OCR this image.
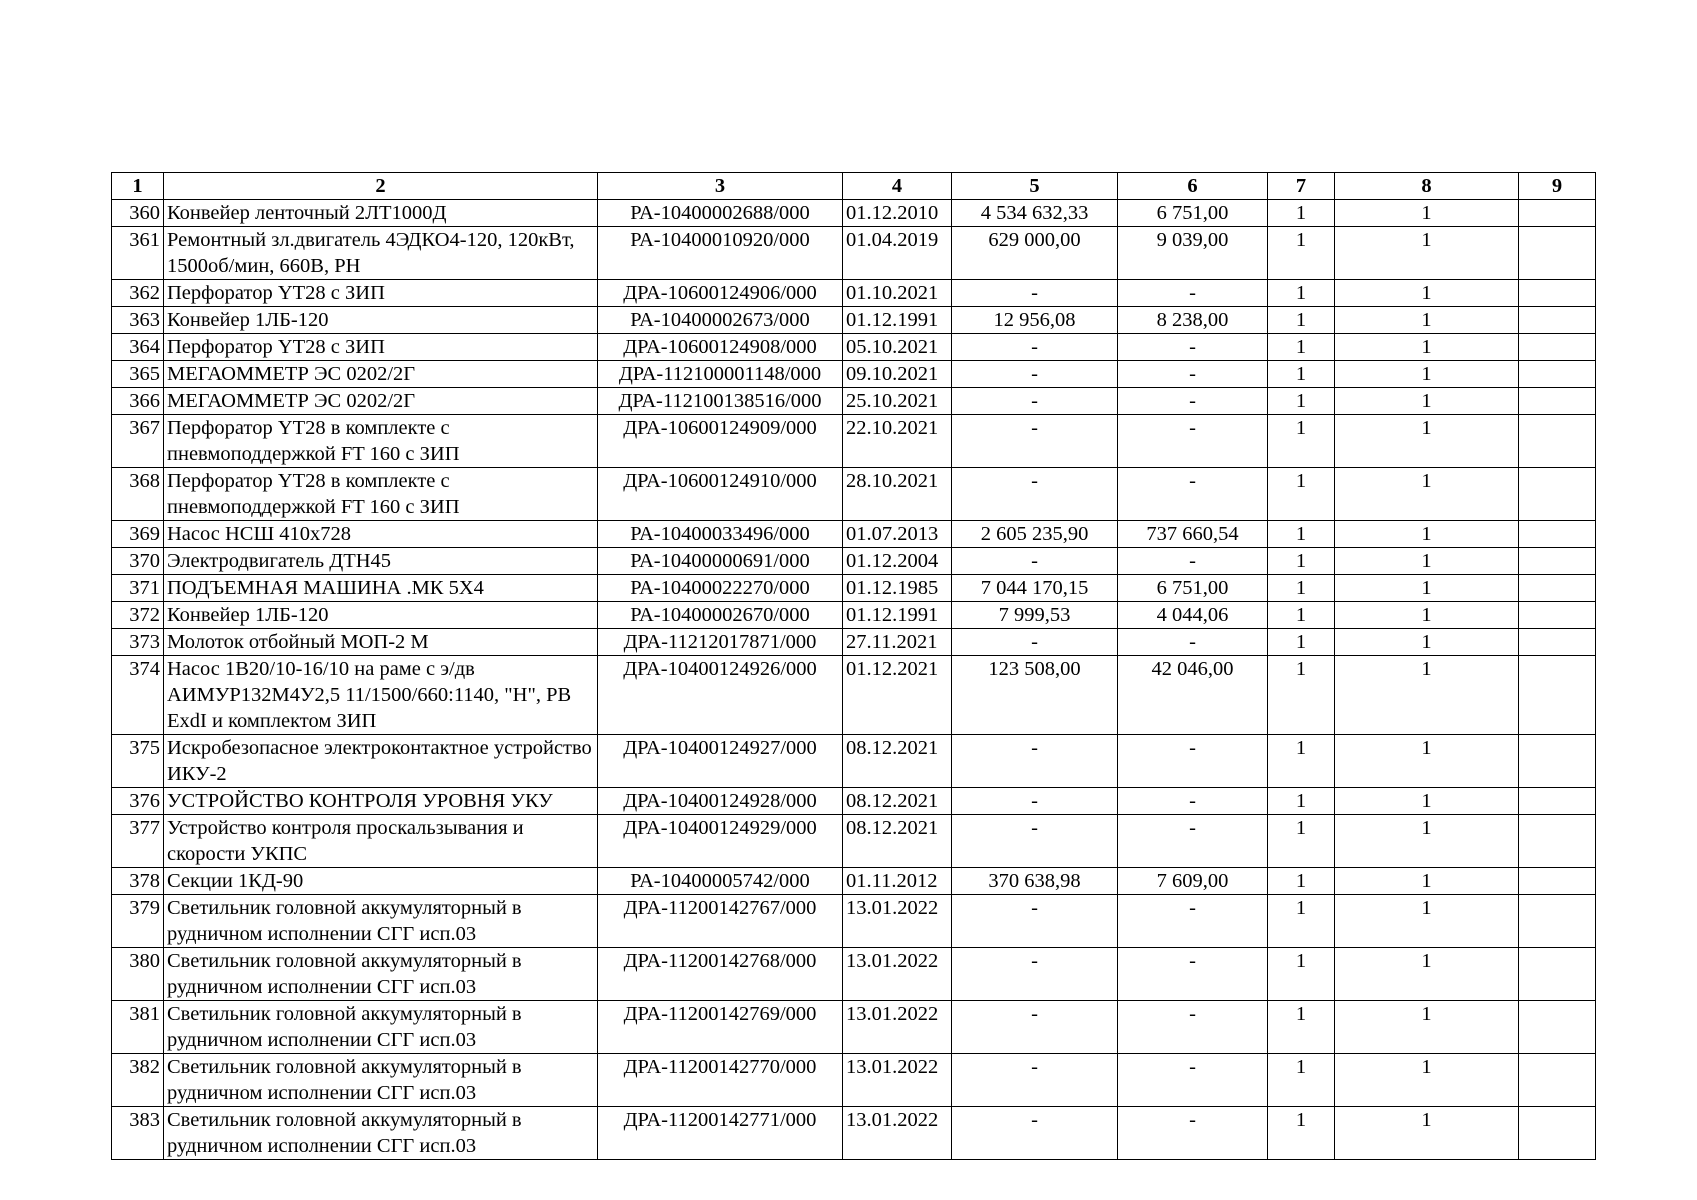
1	2	3	4	5	6	7	8	9
360	Конвейер ленточный 2ЛТ1000Д	РА-10400002688/000	01.12.2010	4 534 632,33	6 751,00	1	1	
361	Ремонтный зл.двигатель 4ЭДКО4-120, 120кВт, 1500об/мин, 660В, РН	РА-10400010920/000	01.04.2019	629 000,00	9 039,00	1	1	
362	Перфоратор YT28 с ЗИП	ДРА-10600124906/000	01.10.2021	-	-	1	1	
363	Конвейер 1ЛБ-120	РА-10400002673/000	01.12.1991	12 956,08	8 238,00	1	1	
364	Перфоратор YT28 с ЗИП	ДРА-10600124908/000	05.10.2021	-	-	1	1	
365	МЕГАОММЕТР ЭС 0202/2Г	ДРА-112100001148/000	09.10.2021	-	-	1	1	
366	МЕГАОММЕТР ЭС 0202/2Г	ДРА-112100138516/000	25.10.2021	-	-	1	1	
367	Перфоратор YT28 в комплекте с пневмоподдержкой FT 160 с ЗИП	ДРА-10600124909/000	22.10.2021	-	-	1	1	
368	Перфоратор YT28 в комплекте с пневмоподдержкой FT 160 с ЗИП	ДРА-10600124910/000	28.10.2021	-	-	1	1	
369	Насос НСШ 410х728	РА-10400033496/000	01.07.2013	2 605 235,90	737 660,54	1	1	
370	Электродвигатель ДТН45	РА-10400000691/000	01.12.2004	-	-	1	1	
371	ПОДЪЕМНАЯ МАШИНА .МК 5Х4	РА-10400022270/000	01.12.1985	7 044 170,15	6 751,00	1	1	
372	Конвейер 1ЛБ-120	РА-10400002670/000	01.12.1991	7 999,53	4 044,06	1	1	
373	Молоток отбойный МОП-2 М	ДРА-11212017871/000	27.11.2021	-	-	1	1	
374	Насос 1В20/10-16/10 на раме с э/дв АИМУР132М4У2,5 11/1500/660:1140, "Н", РВ ExdI и комплектом ЗИП	ДРА-10400124926/000	01.12.2021	123 508,00	42 046,00	1	1	
375	Искробезопасное электроконтактное устройство ИКУ-2	ДРА-10400124927/000	08.12.2021	-	-	1	1	
376	УСТРОЙСТВО КОНТРОЛЯ УРОВНЯ УКУ	ДРА-10400124928/000	08.12.2021	-	-	1	1	
377	Устройство контроля проскальзывания и скорости УКПС	ДРА-10400124929/000	08.12.2021	-	-	1	1	
378	Секции 1КД-90	РА-10400005742/000	01.11.2012	370 638,98	7 609,00	1	1	
379	Светильник головной аккумуляторный в рудничном исполнении СГГ исп.03	ДРА-11200142767/000	13.01.2022	-	-	1	1	
380	Светильник головной аккумуляторный в рудничном исполнении СГГ исп.03	ДРА-11200142768/000	13.01.2022	-	-	1	1	
381	Светильник головной аккумуляторный в рудничном исполнении СГГ исп.03	ДРА-11200142769/000	13.01.2022	-	-	1	1	
382	Светильник головной аккумуляторный в рудничном исполнении СГГ исп.03	ДРА-11200142770/000	13.01.2022	-	-	1	1	
383	Светильник головной аккумуляторный в рудничном исполнении СГГ исп.03	ДРА-11200142771/000	13.01.2022	-	-	1	1	
